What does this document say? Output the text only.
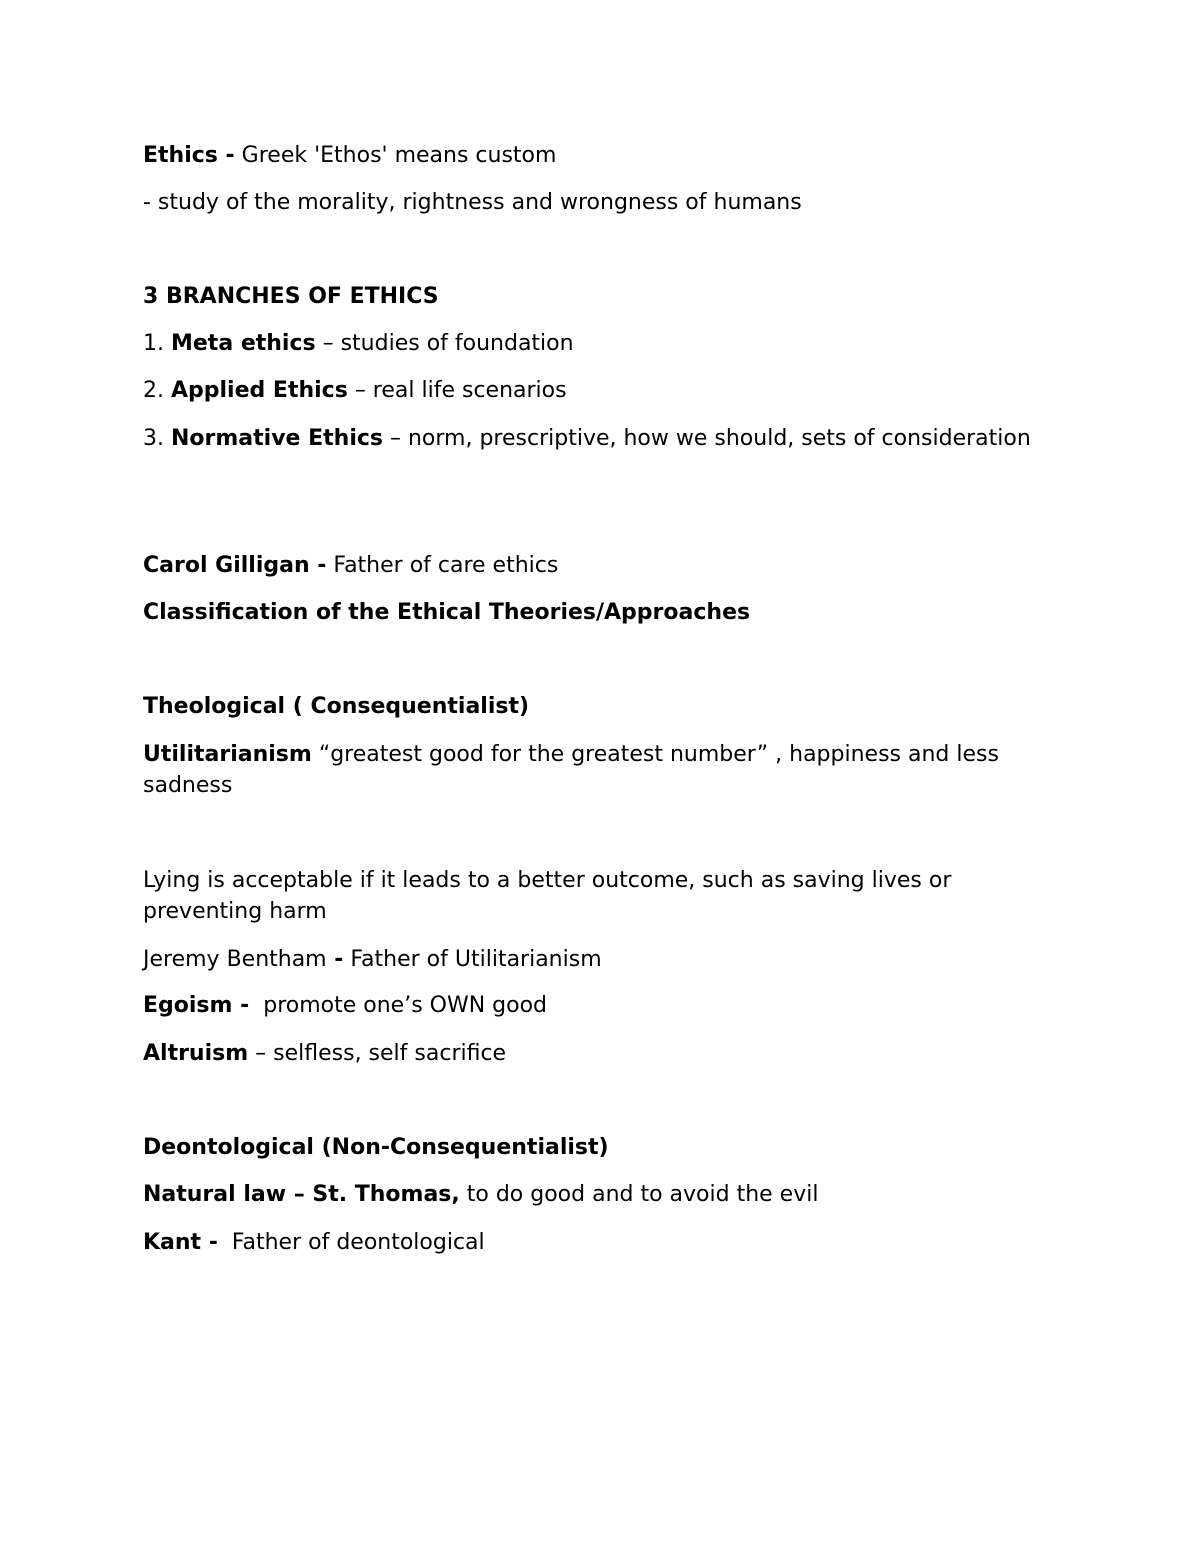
Ethics - Greek 'Ethos' means custom
- study of the morality, rightness and wrongness of humans
3 BRANCHES OF ETHICS
1. Meta ethics – studies of foundation
2. Applied Ethics – real life scenarios
3. Normative Ethics – norm, prescriptive, how we should, sets of consideration
Carol Gilligan - Father of care ethics
Classification of the Ethical Theories/Approaches
Theological ( Consequentialist)
Utilitarianism “greatest good for the greatest number” , happiness and less sadness
Lying is acceptable if it leads to a better outcome, such as saving lives or preventing harm
Jeremy Bentham - Father of Utilitarianism
Egoism -  promote one’s OWN good
Altruism – selfless, self sacrifice
Deontological (Non-Consequentialist)
Natural law – St. Thomas, to do good and to avoid the evil
Kant -  Father of deontological
